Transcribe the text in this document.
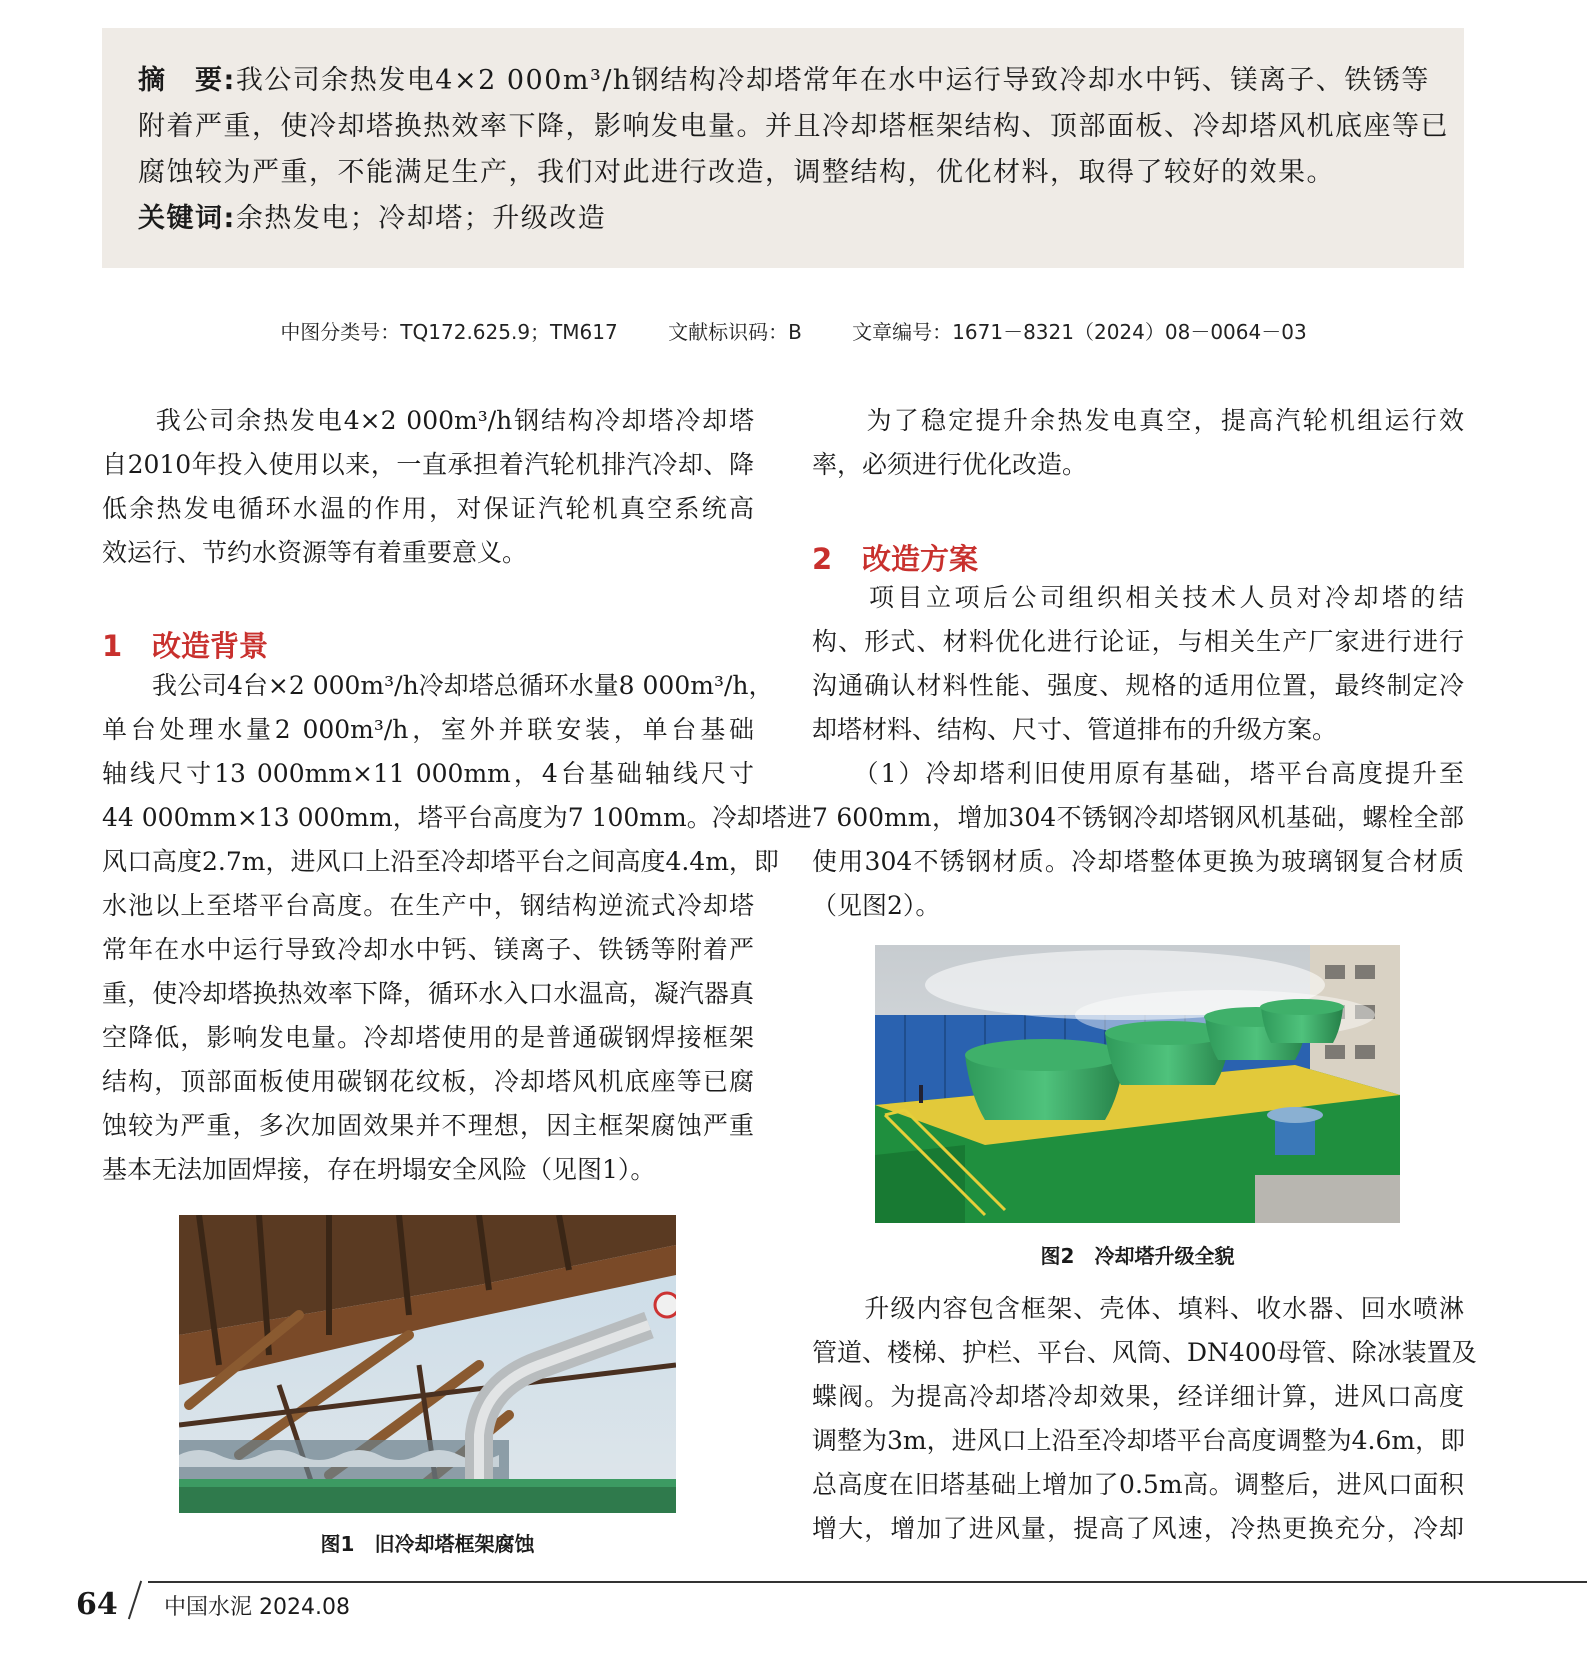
摘　要:我公司余热发电4×2 000m³/h钢结构冷却塔常年在水中运行导致冷却水中钙、镁离子、铁锈等
附着严重，使冷却塔换热效率下降，影响发电量。并且冷却塔框架结构、顶部面板、冷却塔风机底座等已
腐蚀较为严重，不能满足生产，我们对此进行改造，调整结构，优化材料，取得了较好的效果。
关键词:余热发电；冷却塔；升级改造
中图分类号：TQ172.625.9；TM617	文献标识码：B	文章编号：1671－8321（2024）08－0064－03
　　我公司余热发电4×2 000m³/h钢结构冷却塔冷却塔
自2010年投入使用以来，一直承担着汽轮机排汽冷却、降
低余热发电循环水温的作用，对保证汽轮机真空系统高
效运行、节约水资源等有着重要意义。
1 改造背景
　　我公司4台×2 000m³/h冷却塔总循环水量8 000m³/h，
单台处理水量2 000m³/h，室外并联安装，单台基础
轴线尺寸13 000mm×11 000mm，4台基础轴线尺寸
44 000mm×13 000mm，塔平台高度为7 100mm。冷却塔进
风口高度2.7m，进风口上沿至冷却塔平台之间高度4.4m，即
水池以上至塔平台高度。在生产中，钢结构逆流式冷却塔
常年在水中运行导致冷却水中钙、镁离子、铁锈等附着严
重，使冷却塔换热效率下降，循环水入口水温高，凝汽器真
空降低，影响发电量。冷却塔使用的是普通碳钢焊接框架
结构，顶部面板使用碳钢花纹板，冷却塔风机底座等已腐
蚀较为严重，多次加固效果并不理想，因主框架腐蚀严重
基本无法加固焊接，存在坍塌安全风险（见图1）。
图1　旧冷却塔框架腐蚀
　　为了稳定提升余热发电真空，提高汽轮机组运行效
率，必须进行优化改造。
2 改造方案
　　项目立项后公司组织相关技术人员对冷却塔的结
构、形式、材料优化进行论证，与相关生产厂家进行进行
沟通确认材料性能、强度、规格的适用位置，最终制定冷
却塔材料、结构、尺寸、管道排布的升级方案。
　　（1）冷却塔利旧使用原有基础，塔平台高度提升至
7 600mm，增加304不锈钢冷却塔钢风机基础，螺栓全部
使用304不锈钢材质。冷却塔整体更换为玻璃钢复合材质
（见图2）。
图2　冷却塔升级全貌
　　升级内容包含框架、壳体、填料、收水器、回水喷淋
管道、楼梯、护栏、平台、风筒、DN400母管、除冰装置及
蝶阀。为提高冷却塔冷却效果，经详细计算，进风口高度
调整为3m，进风口上沿至冷却塔平台高度调整为4.6m，即
总高度在旧塔基础上增加了0.5m高。调整后，进风口面积
增大，增加了进风量，提高了风速，冷热更换充分，冷却
64 中国水泥 2024.08
